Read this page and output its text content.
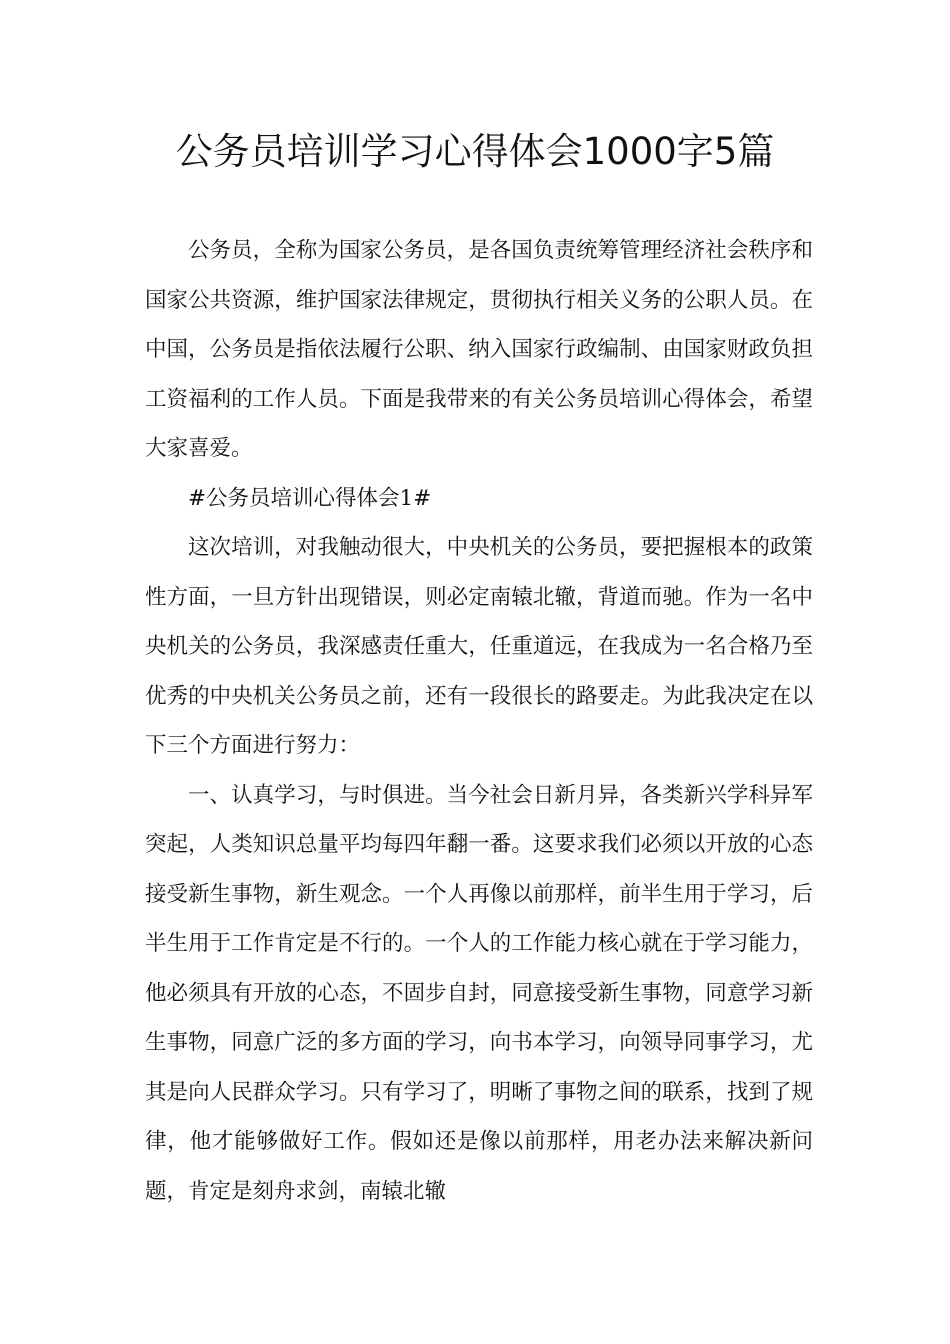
公务员培训学习心得体会1000字5篇

公务员，全称为国家公务员，是各国负责统筹管理经济社会秩序和国家公共资源，维护国家法律规定，贯彻执行相关义务的公职人员。在中国，公务员是指依法履行公职、纳入国家行政编制、由国家财政负担工资福利的工作人员。下面是我带来的有关公务员培训心得体会，希望大家喜爱。

#公务员培训心得体会1#

这次培训，对我触动很大，中央机关的公务员，要把握根本的政策性方面，一旦方针出现错误，则必定南辕北辙，背道而驰。作为一名中央机关的公务员，我深感责任重大，任重道远，在我成为一名合格乃至优秀的中央机关公务员之前，还有一段很长的路要走。为此我决定在以下三个方面进行努力：

一、认真学习，与时俱进。当今社会日新月异，各类新兴学科异军突起，人类知识总量平均每四年翻一番。这要求我们必须以开放的心态接受新生事物，新生观念。一个人再像以前那样，前半生用于学习，后半生用于工作肯定是不行的。一个人的工作能力核心就在于学习能力，他必须具有开放的心态，不固步自封，同意接受新生事物，同意学习新生事物，同意广泛的多方面的学习，向书本学习，向领导同事学习，尤其是向人民群众学习。只有学习了，明晰了事物之间的联系，找到了规律，他才能够做好工作。假如还是像以前那样，用老办法来解决新问题，肯定是刻舟求剑，南辕北辙
